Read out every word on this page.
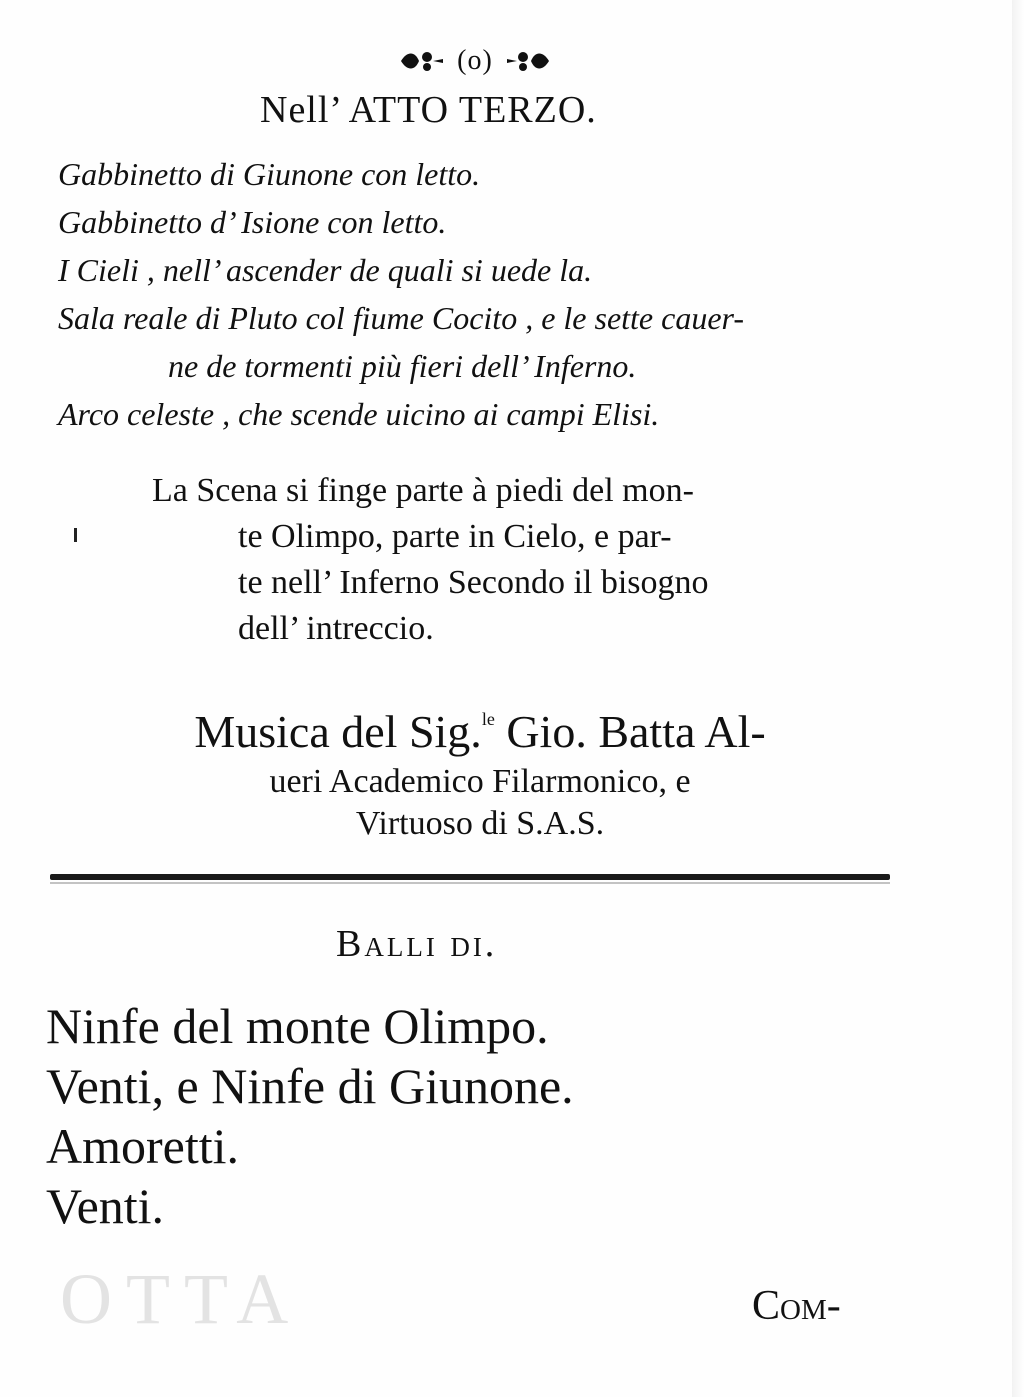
OTTA
(o)
Nell’ ATTO TERZO.
Gabbinetto di Giunone con letto.
Gabbinetto d’ Isione con letto.
I Cieli , nell’ ascender de quali si uede la.
Sala reale di Pluto col fiume Cocito , e le sette cauer-
ne de tormenti più fieri dell’ Inferno.
Arco celeste , che scende uicino ai campi Elisi.
La Scena si finge parte à piedi del mon-
te Olimpo, parte in Cielo, e par-
te nell’ Inferno Secondo il bisogno
dell’ intreccio.
Musica del Sig.$^{le}$ Gio. Batta Al-
ueri Academico Filarmonico, e
Virtuoso di S.A.S.
Balli di.
Ninfe del monte Olimpo.
Venti, e Ninfe di Giunone.
Amoretti.
Venti.
Com-
